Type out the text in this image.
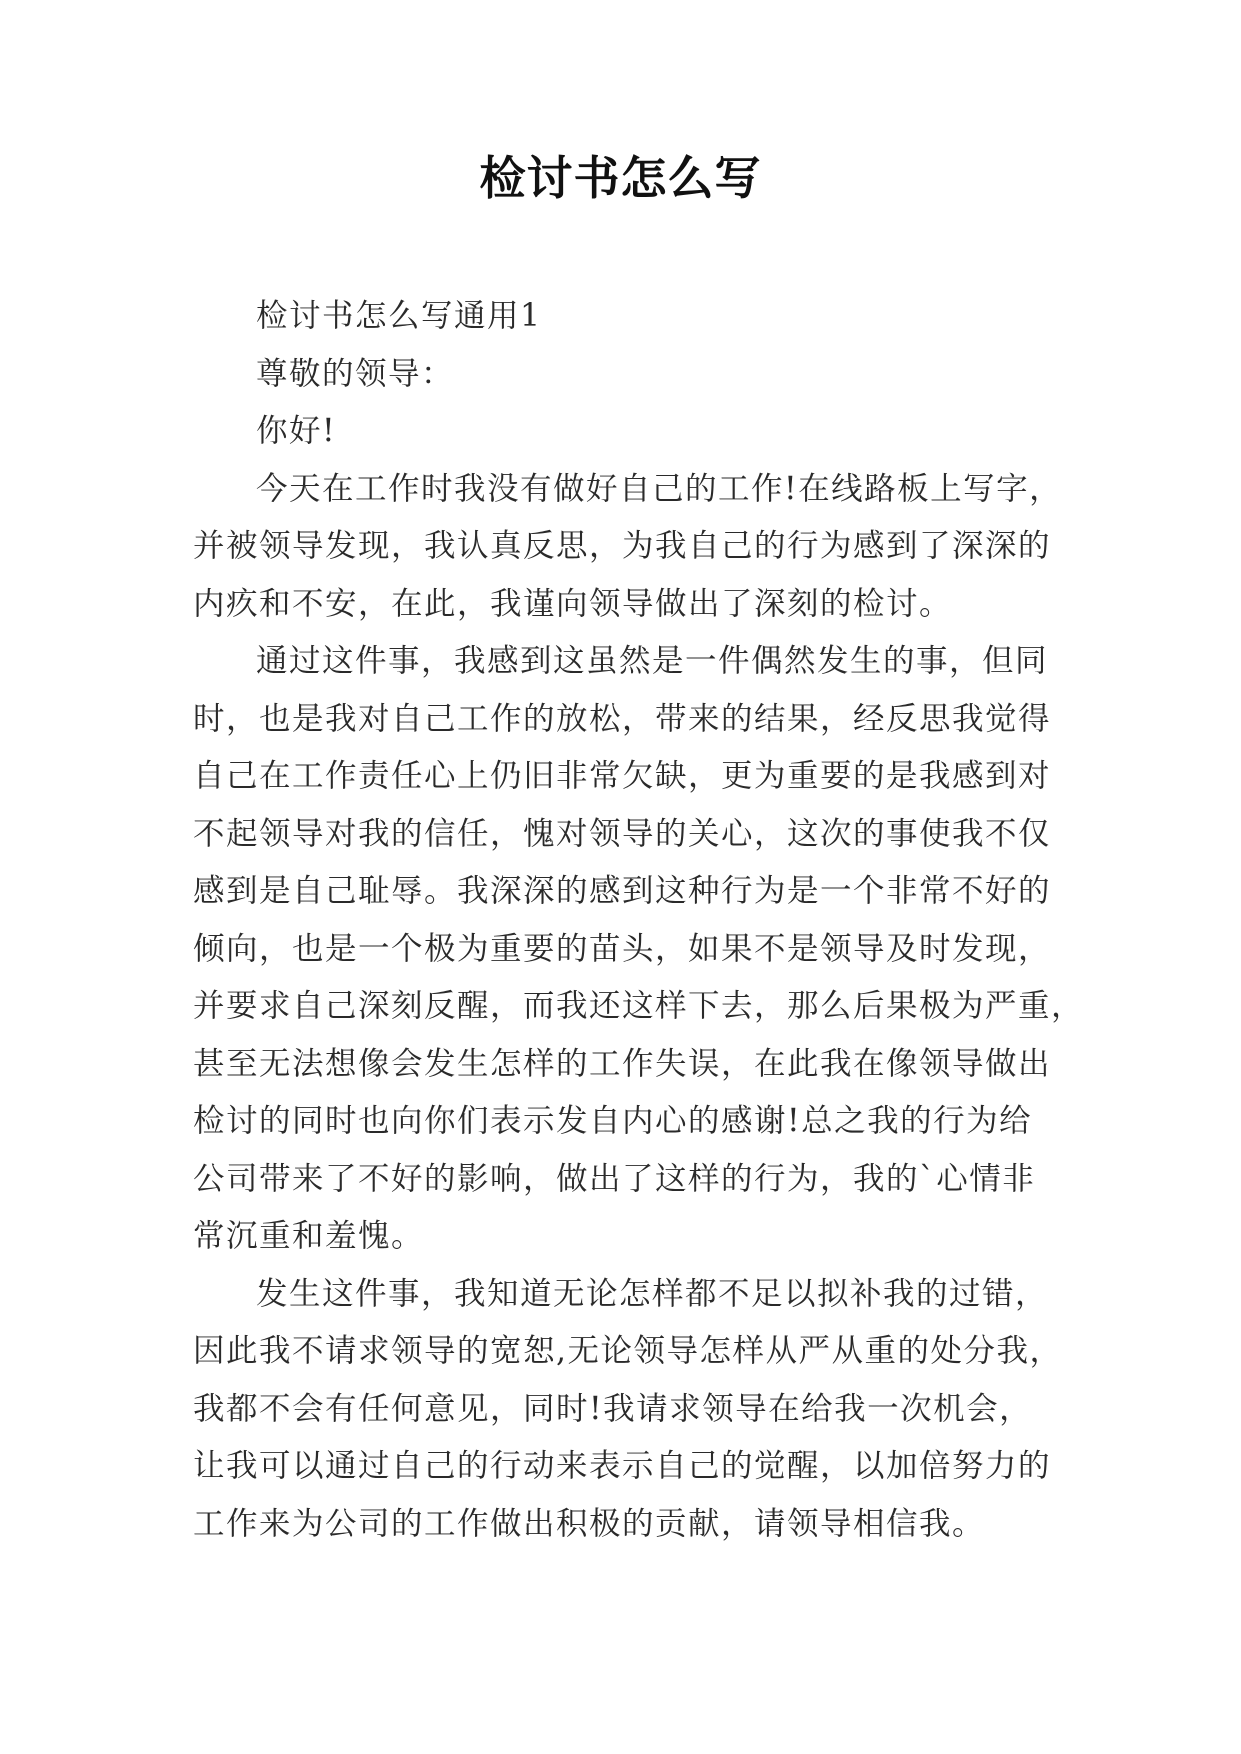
检讨书怎么写
检讨书怎么写通用1
尊敬的领导：
你好!
今天在工作时我没有做好自己的工作!在线路板上写字，
并被领导发现，我认真反思，为我自己的行为感到了深深的
内疚和不安，在此，我谨向领导做出了深刻的检讨。
通过这件事，我感到这虽然是一件偶然发生的事，但同
时，也是我对自己工作的放松，带来的结果，经反思我觉得
自己在工作责任心上仍旧非常欠缺，更为重要的是我感到对
不起领导对我的信任，愧对领导的关心，这次的事使我不仅
感到是自己耻辱。我深深的感到这种行为是一个非常不好的
倾向，也是一个极为重要的苗头，如果不是领导及时发现，
并要求自己深刻反醒，而我还这样下去，那么后果极为严重，
甚至无法想像会发生怎样的工作失误，在此我在像领导做出
检讨的同时也向你们表示发自内心的感谢!总之我的行为给
公司带来了不好的影响，做出了这样的行为，我的`心情非
常沉重和羞愧。
发生这件事，我知道无论怎样都不足以拟补我的过错，
因此我不请求领导的宽恕,无论领导怎样从严从重的处分我，
我都不会有任何意见，同时!我请求领导在给我一次机会，
让我可以通过自己的行动来表示自己的觉醒，以加倍努力的
工作来为公司的工作做出积极的贡献，请领导相信我。
